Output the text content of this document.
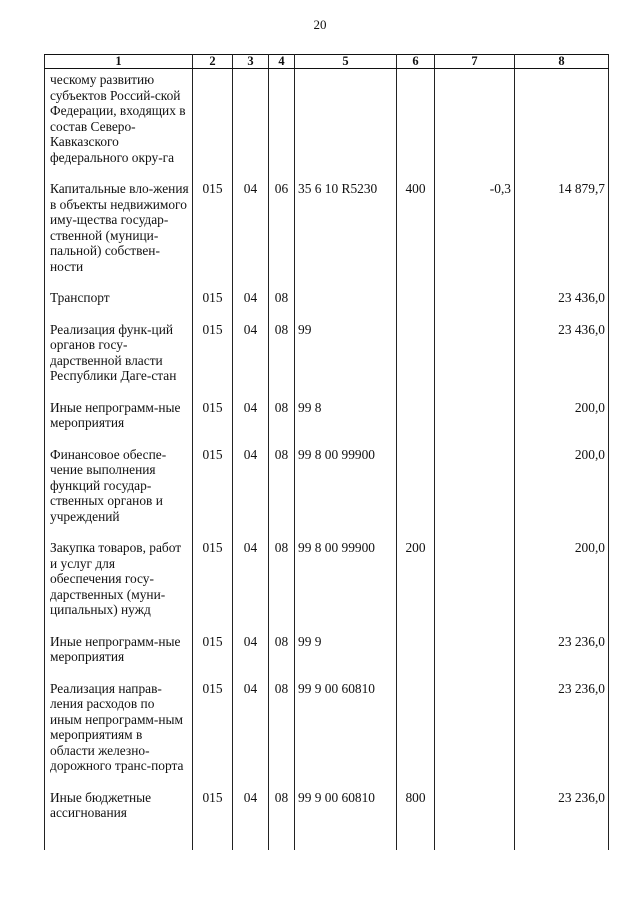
20
1	2	3	4	5	6	7	8
ческому развитию субъектов Россий-ской Федерации, входящих в состав Северо-Кавказского федерального окру-га							
Капитальные вло-жения в объекты недвижимого иму-щества государ-ственной (муници-пальной) собствен-ности	015	04	06	35 6 10 R5230	400	-0,3	14 879,7
Транспорт	015	04	08				23 436,0
Реализация функ-ций органов госу-дарственной власти Республики Даге-стан	015	04	08	99			23 436,0
Иные непрограмм-ные мероприятия	015	04	08	99 8			200,0
Финансовое обеспе-чение выполнения функций государ-ственных органов и учреждений	015	04	08	99 8 00 99900			200,0
Закупка товаров, работ и услуг для обеспечения госу-дарственных (муни-ципальных) нужд	015	04	08	99 8 00 99900	200		200,0
Иные непрограмм-ные мероприятия	015	04	08	99 9			23 236,0
Реализация направ-ления расходов по иным непрограмм-ным мероприятиям в области железно-дорожного транс-порта	015	04	08	99 9 00 60810			23 236,0
Иные бюджетные ассигнования	015	04	08	99 9 00 60810	800		23 236,0
